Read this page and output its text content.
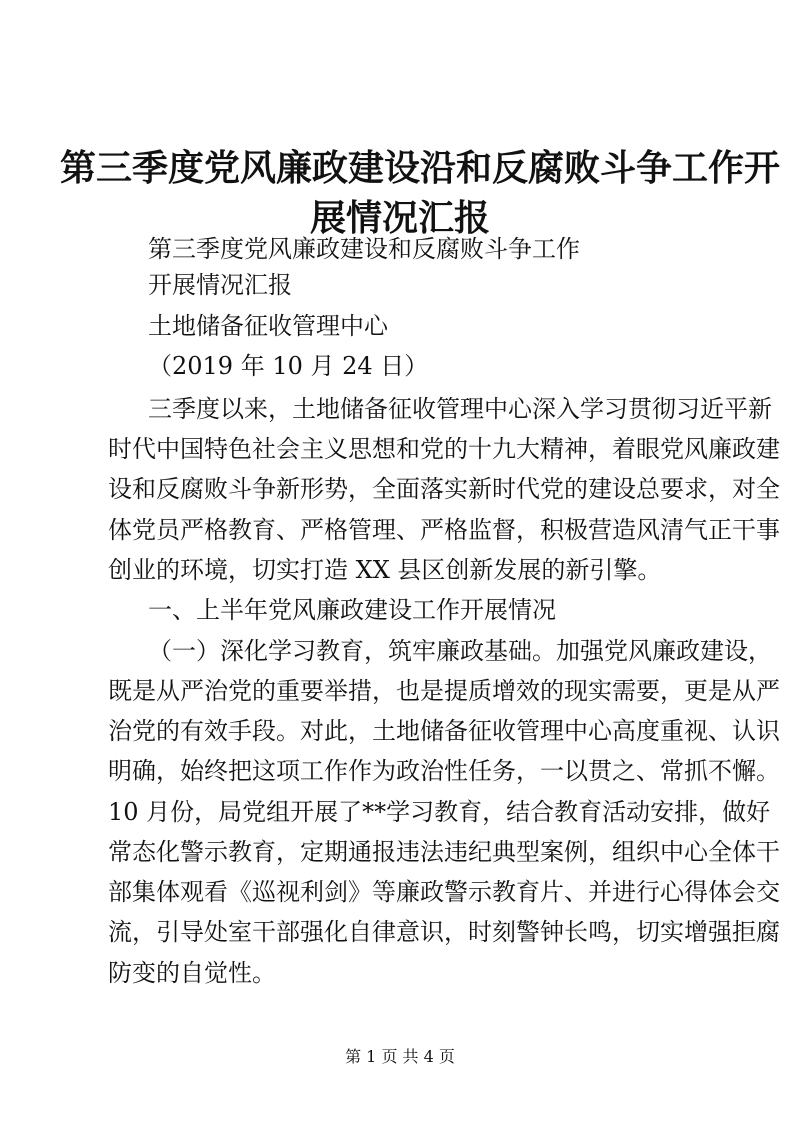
第三季度党风廉政建设沿和反腐败斗争工作开
展情况汇报
第三季度党风廉政建设和反腐败斗争工作
开展情况汇报
土地储备征收管理中心
（2019 年 10 月 24 日）
三季度以来，土地储备征收管理中心深入学习贯彻习近平新
时代中国特色社会主义思想和党的十九大精神，着眼党风廉政建
设和反腐败斗争新形势，全面落实新时代党的建设总要求，对全
体党员严格教育、严格管理、严格监督，积极营造风清气正干事
创业的环境，切实打造 XX 县区创新发展的新引擎。
一、上半年党风廉政建设工作开展情况
（一）深化学习教育，筑牢廉政基础。加强党风廉政建设，
既是从严治党的重要举措，也是提质增效的现实需要，更是从严
治党的有效手段。对此，土地储备征收管理中心高度重视、认识
明确，始终把这项工作作为政治性任务，一以贯之、常抓不懈。
10 月份，局党组开展了**学习教育，结合教育活动安排，做好
常态化警示教育，定期通报违法违纪典型案例，组织中心全体干
部集体观看《巡视利剑》等廉政警示教育片、并进行心得体会交
流，引导处室干部强化自律意识，时刻警钟长鸣，切实增强拒腐
防变的自觉性。
第 1 页 共 4 页
